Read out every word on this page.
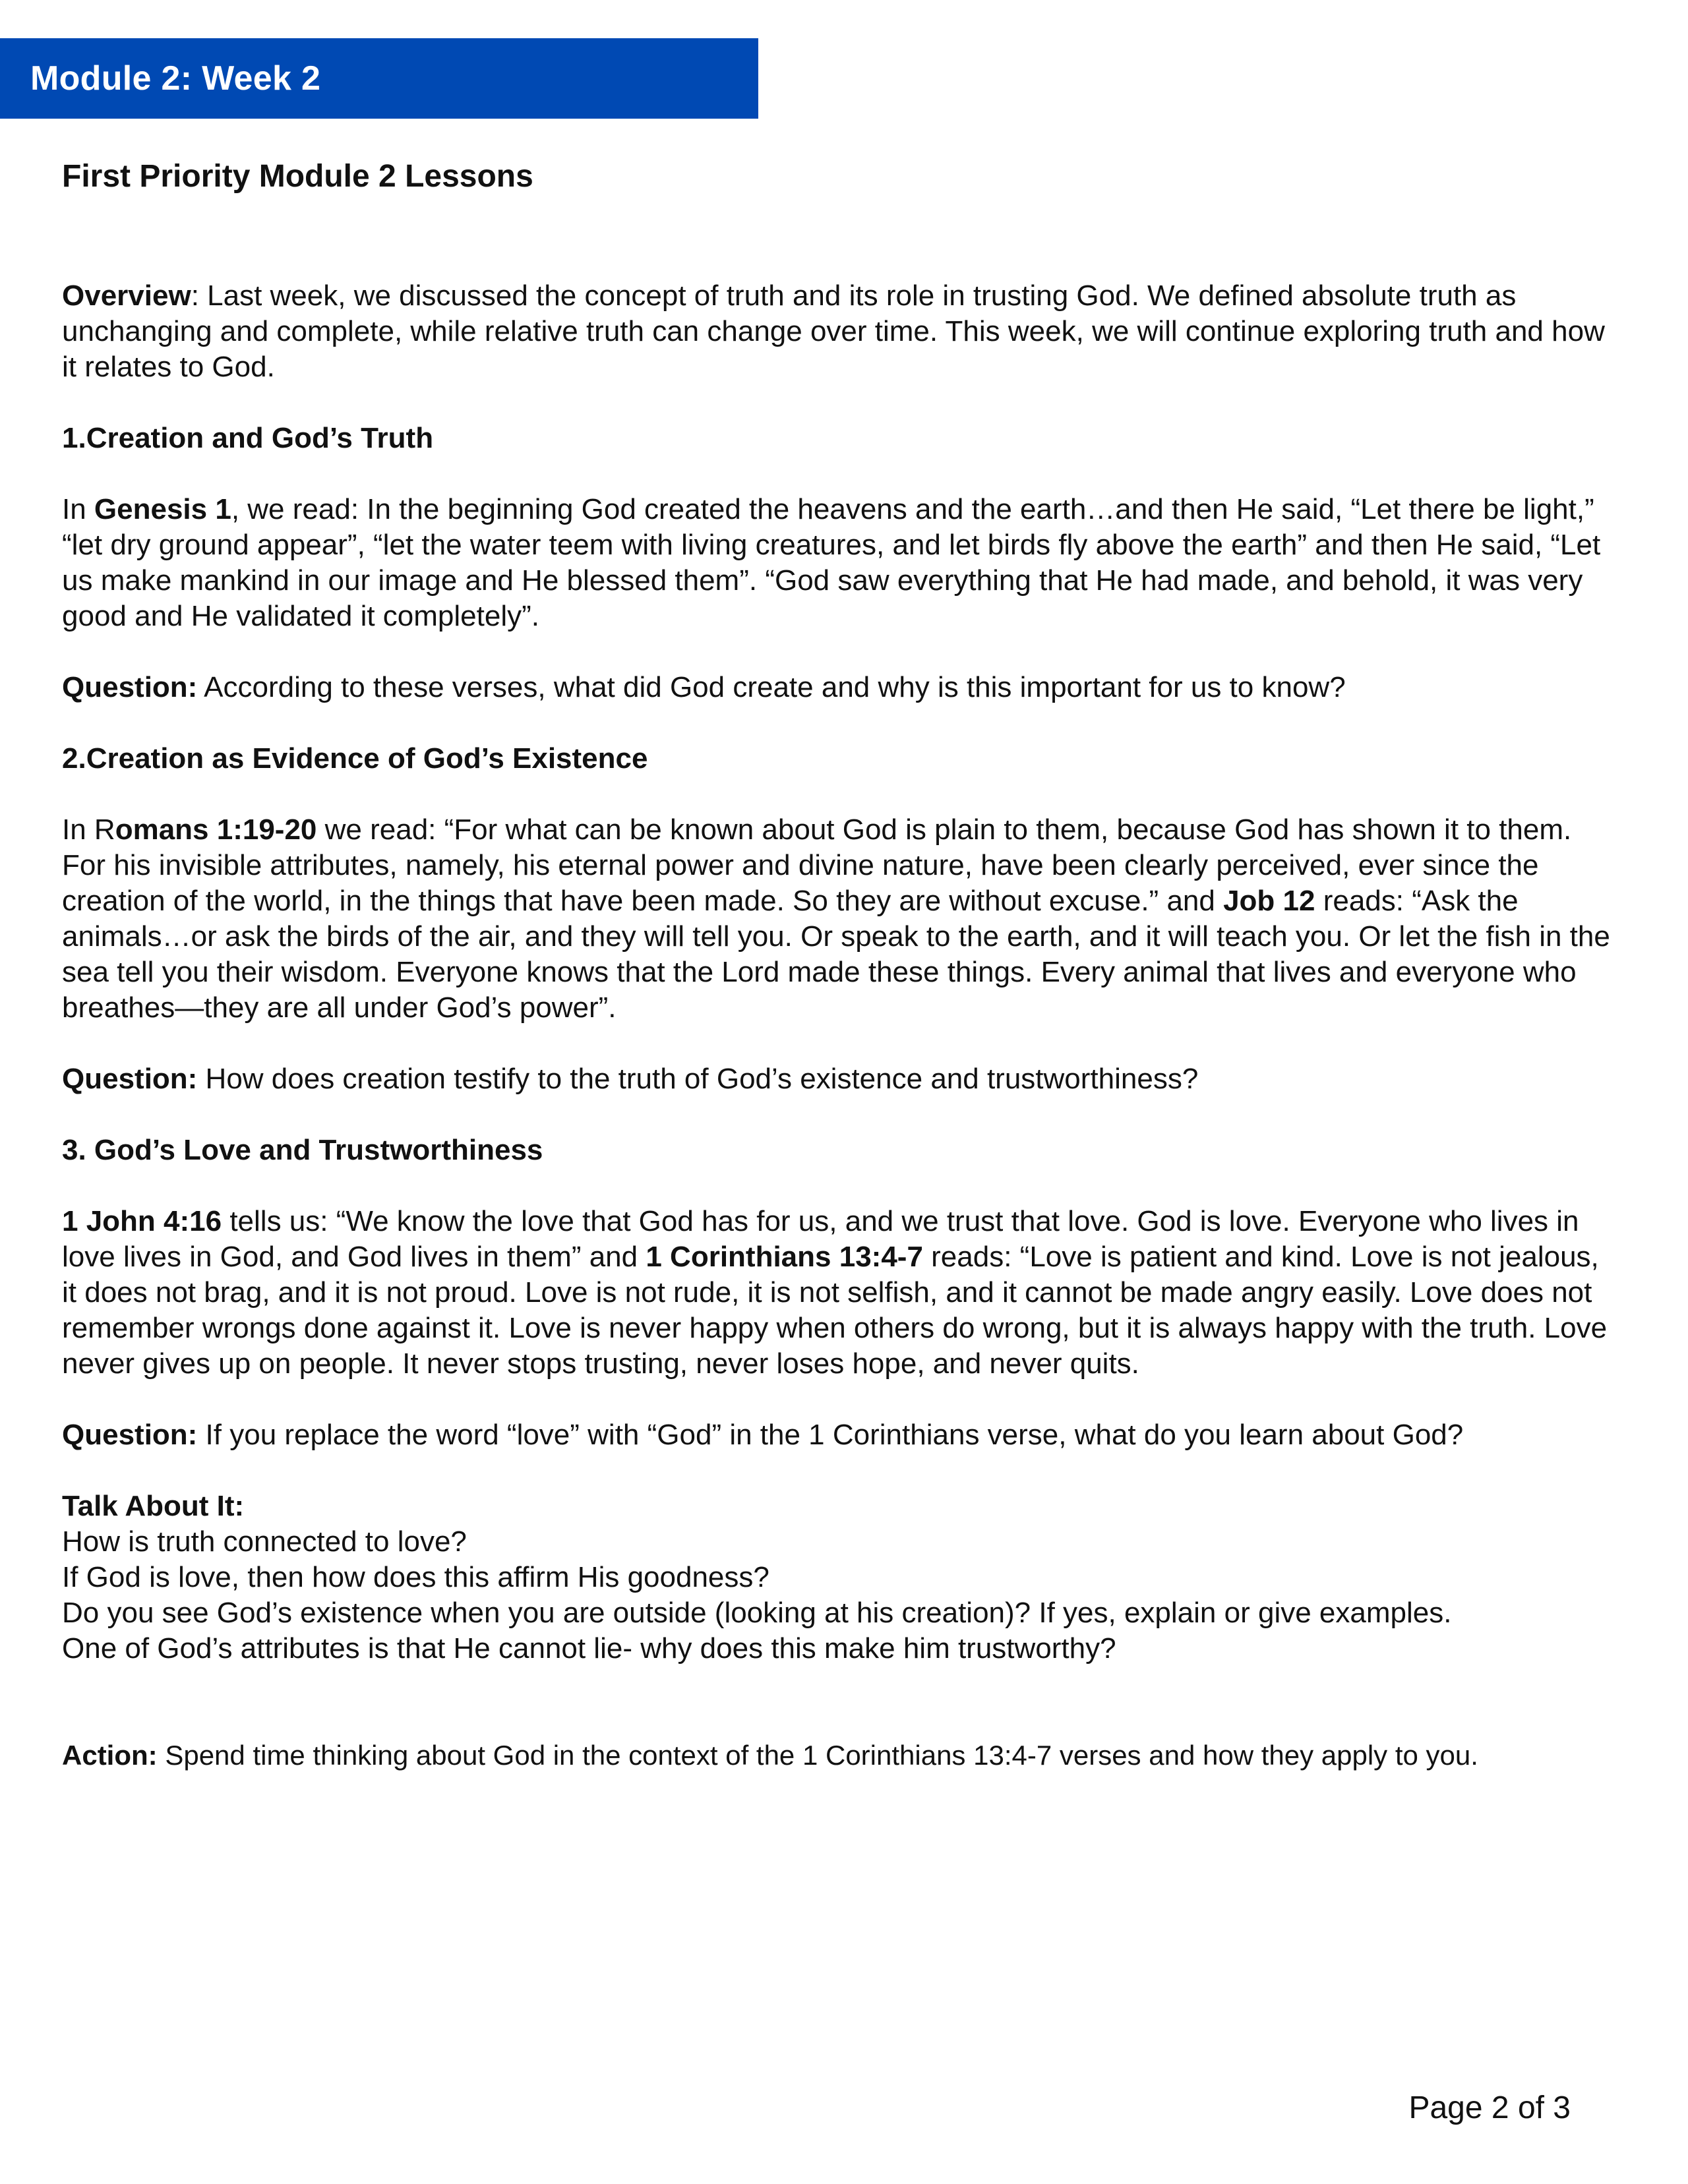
Module 2: Week 2
First Priority Module 2 Lessons

Overview: Last week, we discussed the concept of truth and its role in trusting God. We defined absolute truth as unchanging and complete, while relative truth can change over time. This week, we will continue exploring truth and how it relates to God.

1.Creation and God’s Truth

In Genesis 1, we read: In the beginning God created the heavens and the earth…and then He said, “Let there be light,” “let dry ground appear”, “let the water teem with living creatures, and let birds fly above the earth” and then He said, “Let us make mankind in our image and He blessed them”. “God saw everything that He had made, and behold, it was very good and He validated it completely”.

Question: According to these verses, what did God create and why is this important for us to know?

2.Creation as Evidence of God’s Existence

In Romans 1:19-20 we read: “For what can be known about God is plain to them, because God has shown it to them. For his invisible attributes, namely, his eternal power and divine nature, have been clearly perceived, ever since the creation of the world, in the things that have been made. So they are without excuse.” and Job 12 reads: “Ask the animals…or ask the birds of the air, and they will tell you. Or speak to the earth, and it will teach you. Or let the fish in the sea tell you their wisdom. Everyone knows that the Lord made these things. Every animal that lives and everyone who breathes—they are all under God’s power”.

Question: How does creation testify to the truth of God’s existence and trustworthiness?

3. God’s Love and Trustworthiness

1 John 4:16 tells us: “We know the love that God has for us, and we trust that love. God is love. Everyone who lives in love lives in God, and God lives in them” and 1 Corinthians 13:4-7 reads: “Love is patient and kind. Love is not jealous, it does not brag, and it is not proud. Love is not rude, it is not selfish, and it cannot be made angry easily. Love does not remember wrongs done against it. Love is never happy when others do wrong, but it is always happy with the truth. Love never gives up on people. It never stops trusting, never loses hope, and never quits.

Question: If you replace the word “love” with “God” in the 1 Corinthians verse, what do you learn about God?

Talk About It:
How is truth connected to love?
If God is love, then how does this affirm His goodness?
Do you see God’s existence when you are outside (looking at his creation)? If yes, explain or give examples.
One of God’s attributes is that He cannot lie- why does this make him trustworthy?

Action: Spend time thinking about God in the context of the 1 Corinthians 13:4-7 verses and how they apply to you.

Page 2 of 3
